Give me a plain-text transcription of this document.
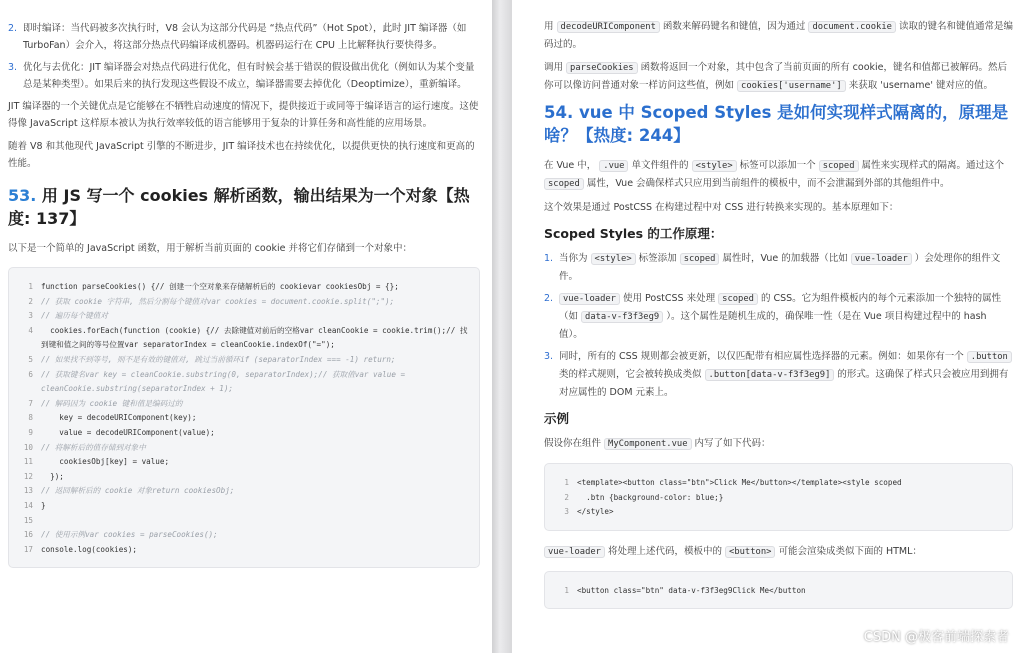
2. 即时编译：当代码被多次执行时，V8 会认为这部分代码是 “热点代码”（Hot Spot），此时 JIT 编译器（如 TurboFan）会介入，将这部分热点代码编译成机器码。机器码运行在 CPU 上比解释执行要快得多。
3. 优化与去优化：JIT 编译器会对热点代码进行优化，但有时候会基于错误的假设做出优化（例如认为某个变量总是某种类型）。如果后来的执行发现这些假设不成立，编译器需要去掉优化（Deoptimize），重新编译。

JIT 编译器的一个关键优点是它能够在不牺牲启动速度的情况下，提供接近于或同等于编译语言的运行速度。这使得像 JavaScript 这样原本被认为执行效率较低的语言能够用于复杂的计算任务和高性能的应用场景。

随着 V8 和其他现代 JavaScript 引擎的不断进步，JIT 编译技术也在持续优化，以提供更快的执行速度和更高的性能。

53. 用 JS 写一个 cookies 解析函数，输出结果为一个对象【热度: 137】

以下是一个简单的 JavaScript 函数，用于解析当前页面的 cookie 并将它们存储到一个对象中：

1	function parseCookies() {// 创建一个空对象来存储解析后的 cookievar cookiesObj = {};
2	// 获取 cookie 字符串, 然后分割每个键值对var cookies = document.cookie.split(";");
3	// 遍历每个键值对
4	cookies.forEach(function (cookie) {// 去除键值对前后的空格var cleanCookie = cookie.trim();// 找到键和值之间的等号位置var separatorIndex = cleanCookie.indexOf("=");
5	// 如果找不到等号, 则不是有效的键值对, 跳过当前循环if (separatorIndex === -1) return;
6	// 获取键名var key = cleanCookie.substring(0, separatorIndex);// 获取值var value = cleanCookie.substring(separatorIndex + 1);
7	// 解码因为 cookie 键和值是编码过的
8	key = decodeURIComponent(key);
9	value = decodeURIComponent(value);
10	// 将解析后的值存储到对象中
11	cookiesObj[key] = value;
12	});
13	// 返回解析后的 cookie 对象return cookiesObj;
14	}
15
16	// 使用示例var cookies = parseCookies();
17	console.log(cookies);

用 decodeURIComponent 函数来解码键名和键值，因为通过 document.cookie 读取的键名和键值通常是编码过的。

调用 parseCookies 函数将返回一个对象，其中包含了当前页面的所有 cookie，键名和值都已被解码。然后你可以像访问普通对象一样访问这些值，例如 cookies['username'] 来获取 'username' 键对应的值。

54. vue 中 Scoped Styles 是如何实现样式隔离的，原理是啥？【热度: 244】

在 Vue 中， .vue 单文件组件的 <style> 标签可以添加一个 scoped 属性来实现样式的隔离。通过这个 scoped 属性，Vue 会确保样式只应用到当前组件的模板中，而不会泄漏到外部的其他组件中。

这个效果是通过 PostCSS 在构建过程中对 CSS 进行转换来实现的。基本原理如下：

Scoped Styles 的工作原理：
1. 当你为 <style> 标签添加 scoped 属性时，Vue 的加载器（比如 vue-loader ）会处理你的组件文件。
2.	vue-loader 使用 PostCSS 来处理 scoped 的 CSS。它为组件模板内的每个元素添加一个独特的属性（如 data-v-f3f3eg9 ）。这个属性是随机生成的，确保唯一性（是在 Vue 项目构建过程中的 hash 值）。
3. 同时，所有的 CSS 规则都会被更新，以仅匹配带有相应属性选择器的元素。例如：如果你有一个 .button 类的样式规则，它会被转换成类似 .button[data-v-f3f3eg9] 的形式。这确保了样式只会被应用到拥有对应属性的 DOM 元素上。
示例

假设你在组件 MyComponent.vue 内写了如下代码：

1	<template><button class="btn">Click Me</button></template><style scoped
2	.btn {background-color: blue;}
3	</style>

vue-loader 将处理上述代码，模板中的 <button> 可能会渲染成类似下面的 HTML：

1	<button class="btn" data-v-f3f3eg9Click Me</button
CSDN @极客前端探索者
